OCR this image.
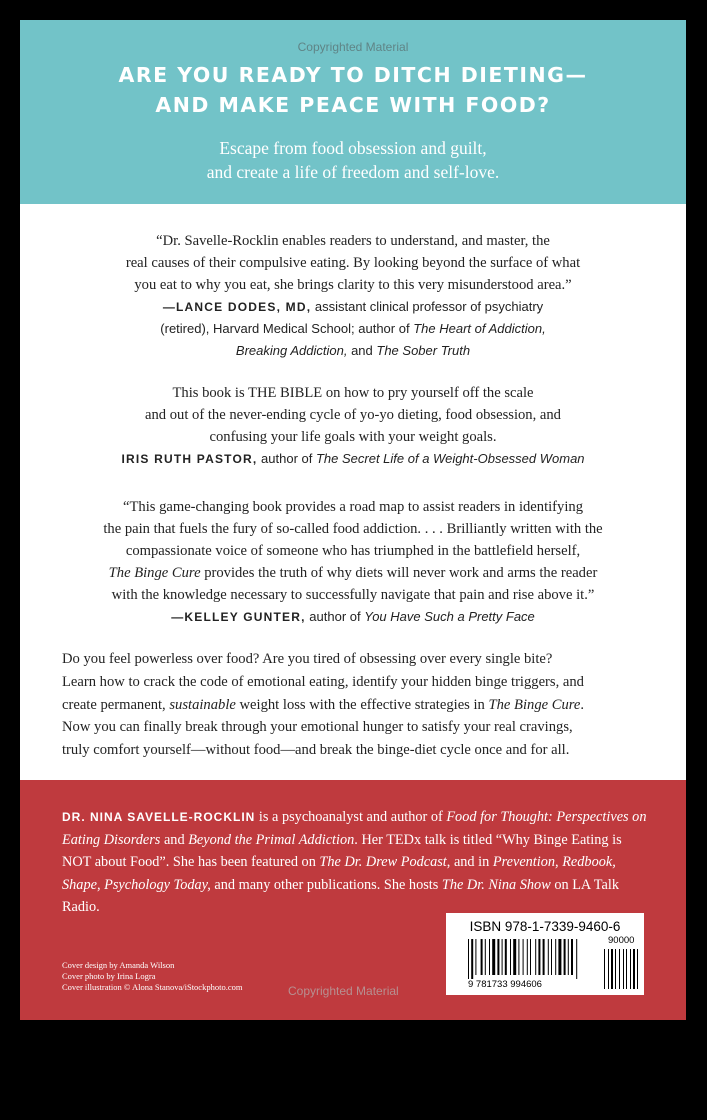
Copyrighted Material
ARE YOU READY TO DITCH DIETING—
AND MAKE PEACE WITH FOOD?
Escape from food obsession and guilt,
and create a life of freedom and self-love.
“Dr. Savelle-Rocklin enables readers to understand, and master, the
real causes of their compulsive eating. By looking beyond the surface of what
you eat to why you eat, she brings clarity to this very misunderstood area.”
—LANCE DODES, MD, assistant clinical professor of psychiatry
(retired), Harvard Medical School; author of The Heart of Addiction,
Breaking Addiction, and The Sober Truth
This book is THE BIBLE on how to pry yourself off the scale
and out of the never-ending cycle of yo-yo dieting, food obsession, and
confusing your life goals with your weight goals.
IRIS RUTH PASTOR, author of The Secret Life of a Weight-Obsessed Woman
“This game-changing book provides a road map to assist readers in identifying
the pain that fuels the fury of so-called food addiction. . . . Brilliantly written with the
compassionate voice of someone who has triumphed in the battlefield herself,
The Binge Cure provides the truth of why diets will never work and arms the reader
with the knowledge necessary to successfully navigate that pain and rise above it.”
—KELLEY GUNTER, author of You Have Such a Pretty Face
Do you feel powerless over food? Are you tired of obsessing over every single bite?
Learn how to crack the code of emotional eating, identify your hidden binge triggers, and
create permanent, sustainable weight loss with the effective strategies in The Binge Cure.
Now you can finally break through your emotional hunger to satisfy your real cravings,
truly comfort yourself—without food—and break the binge-diet cycle once and for all.
DR. NINA SAVELLE-ROCKLIN is a psychoanalyst and author of Food for Thought: Perspectives on Eating Disorders and Beyond the Primal Addiction. Her TEDx talk is titled “Why Binge Eating is NOT about Food”. She has been featured on The Dr. Drew Podcast, and in Prevention, Redbook, Shape, Psychology Today, and many other publications. She hosts The Dr. Nina Show on LA Talk Radio.
Cover design by Amanda Wilson
Cover photo by Irina Logra
Cover illustration © Alona Stanova/iStockphoto.com	Copyrighted Material
ISBN 978-1-7339-9460-6
90000
9 781733 994606
